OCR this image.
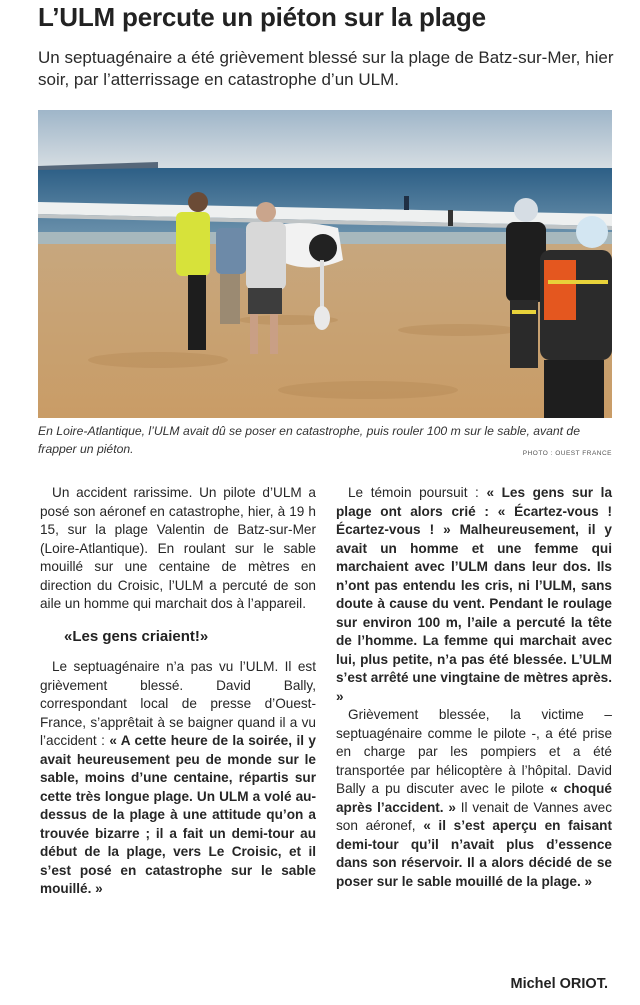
L’ULM percute un piéton sur la plage

Un septuagénaire a été grièvement blessé sur la plage de Batz-sur-Mer, hier soir, par l’atterrissage en catastrophe d’un ULM.

En Loire-Atlantique, l’ULM avait dû se poser en catastrophe, puis rouler 100 m sur le sable, avant de frapper un piéton.	PHOTO : OUEST FRANCE

Un accident rarissime. Un pilote d’ULM a posé son aéronef en catastrophe, hier, à 19 h 15, sur la plage Valentin de Batz-sur-Mer (Loire-Atlantique). En roulant sur le sable mouillé sur une centaine de mètres en direction du Croisic, l’ULM a percuté de son aile un homme qui marchait dos à l’appareil.

«Les gens criaient!»

Le septuagénaire n’a pas vu l’ULM. Il est grièvement blessé. David Bally, correspondant local de presse d’Ouest-France, s’apprêtait à se baigner quand il a vu l’accident : « A cette heure de la soirée, il y avait heureusement peu de monde sur le sable, moins d’une centaine, répartis sur cette très longue plage. Un ULM a volé au-dessus de la plage à une attitude qu’on a trouvée bizarre ; il a fait un demi-tour au début de la plage, vers Le Croisic, et il s’est posé en catastrophe sur le sable mouillé. »

Le témoin poursuit : « Les gens sur la plage ont alors crié : « Écartez-vous ! Écartez-vous ! » Malheureusement, il y avait un homme et une femme qui marchaient avec l’ULM dans leur dos. Ils n’ont pas entendu les cris, ni l’ULM, sans doute à cause du vent. Pendant le roulage sur environ 100 m, l’aile a percuté la tête de l’homme. La femme qui marchait avec lui, plus petite, n’a pas été blessée. L’ULM s’est arrêté une vingtaine de mètres après. »

Grièvement blessée, la victime – septuagénaire comme le pilote -, a été prise en charge par les pompiers et a été transportée par hélicoptère à l’hôpital. David Bally a pu discuter avec le pilote « choqué après l’accident. » Il venait de Vannes avec son aéronef, « il s’est aperçu en faisant demi-tour qu’il n’avait plus d’essence dans son réservoir. Il a alors décidé de se poser sur le sable mouillé de la plage. »

Michel ORIOT.
